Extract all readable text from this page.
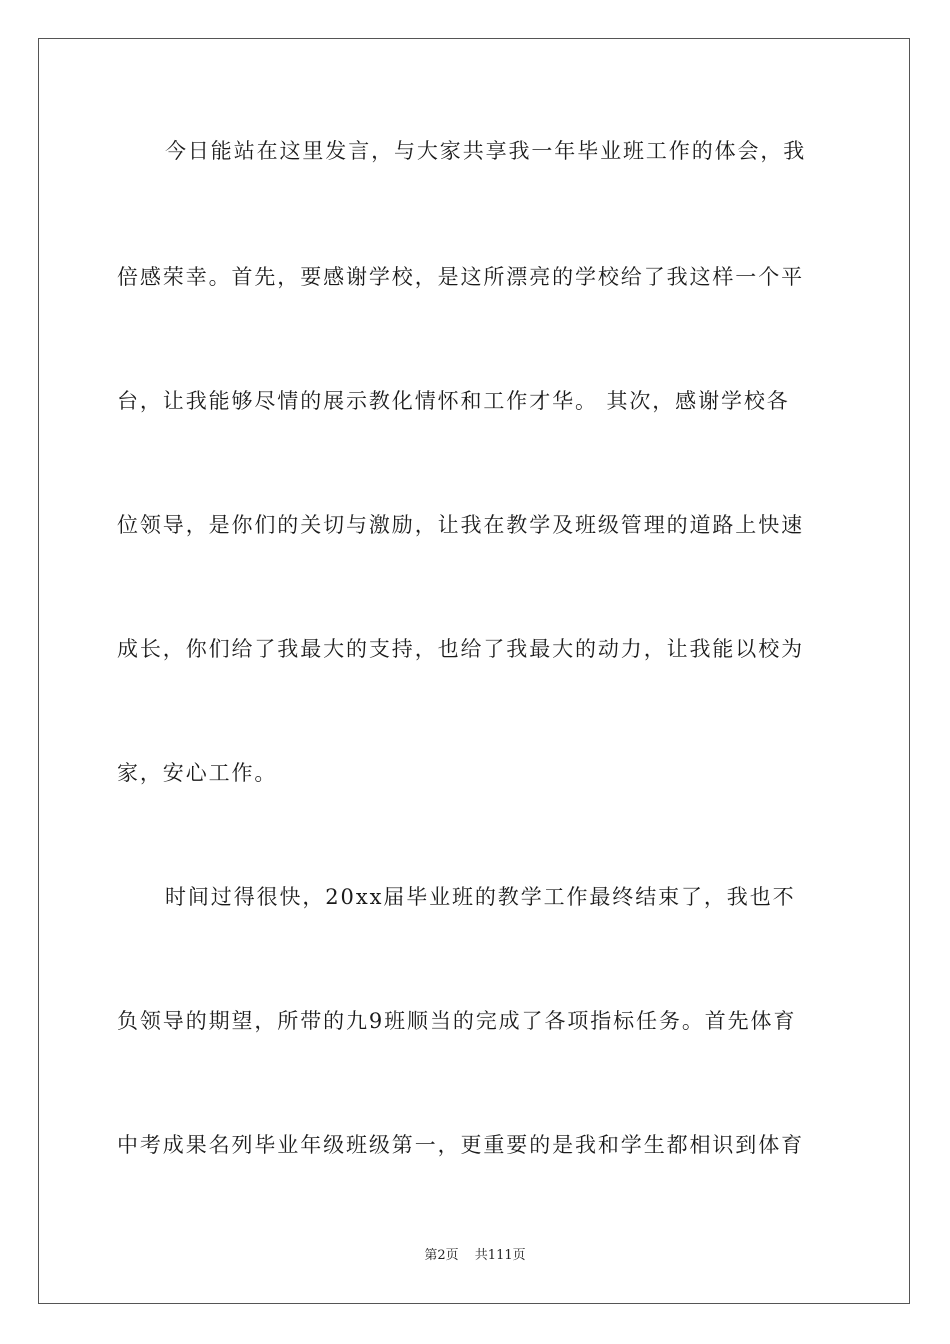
今日能站在这里发言，与大家共享我一年毕业班工作的体会，我
倍感荣幸。首先，要感谢学校，是这所漂亮的学校给了我这样一个平
台，让我能够尽情的展示教化情怀和工作才华。 其次，感谢学校各
位领导，是你们的关切与激励，让我在教学及班级管理的道路上快速
成长，你们给了我最大的支持，也给了我最大的动力，让我能以校为
家，安心工作。
时间过得很快，20xx届毕业班的教学工作最终结束了，我也不
负领导的期望，所带的九9班顺当的完成了各项指标任务。首先体育
中考成果名列毕业年级班级第一，更重要的是我和学生都相识到体育
第2页 共111页
